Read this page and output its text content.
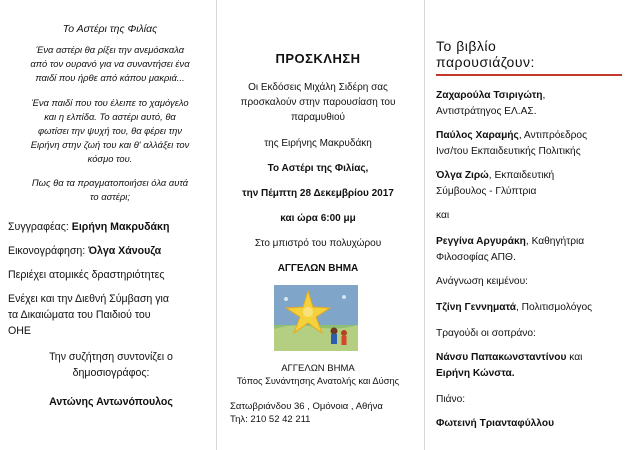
Το Αστέρι της Φιλίας

Ένα αστέρι θα ρίξει την ανεμόσκαλα

από τον ουρανό για να συναντήσει ένα

παιδί που ήρθε από κάπου μακριά...

Ένα παιδί που του έλειπε το χαμόγελο

και η ελπίδα. Το αστέρι αυτό, θα

φωτίσει την ψυχή του, θα φέρει την

Ειρήνη στην ζωή του και θ' αλλάξει τον

κόσμο του.

Πως θα τα πραγματοποιήσει όλα αυτά

το αστέρι;

Συγγραφέας: Ειρήνη Μακρυδάκη

Εικονογράφηση: Όλγα Χάνουζα

Περιέχει ατομικές δραστηριότητες

Ενέχει και την Διεθνή Σύμβαση για

τα Δικαιώματα του Παιδιού του

ΟΗΕ

Την συζήτηση συντονίζει ο

δημοσιογράφος:

Αντώνης Αντωνόπουλος

ΠΡΟΣΚΛΗΣΗ

Οι Εκδόσεις Μιχάλη Σιδέρη σας

προσκαλούν στην παρουσίαση του

παραμυθιού

της Ειρήνης Μακρυδάκη

Το Αστέρι της Φιλίας,

την Πέμπτη 28 Δεκεμβρίου 2017

και ώρα 6:00 μμ

Στο μπιστρό του πολυχώρου

ΑΓΓΕΛΩΝ ΒΗΜΑ

ΑΓΓΕΛΩΝ ΒΗΜΑ

Τόπος Συνάντησης Ανατολής και Δύσης

Σατωβριάνδου 36 , Ομόνοια , Αθήνα

Τηλ: 210 52 42 211

Το βιβλίο
παρουσιάζουν:

Ζαχαρούλα Τσιριγώτη,

Αντιστράτηγος ΕΛ.ΑΣ.

Παύλος Χαραμής, Αντιπρόεδρος

Ινσ/του Εκπαιδευτικής Πολιτικής

Όλγα Ζιρώ, Εκπαιδευτική

Σύμβουλος - Γλύπτρια

και

Ρεγγίνα Αργυράκη, Καθηγήτρια

Φιλοσοφίας ΑΠΘ.

Ανάγνωση κειμένου:

Τζίνη Γεννηματά, Πολιτισμολόγος

Τραγούδι οι σοπράνο:

Νάνσυ Παπακωνσταντίνου και

Ειρήνη Κώνστα.

Πιάνο:

Φωτεινή Τριανταφύλλου
